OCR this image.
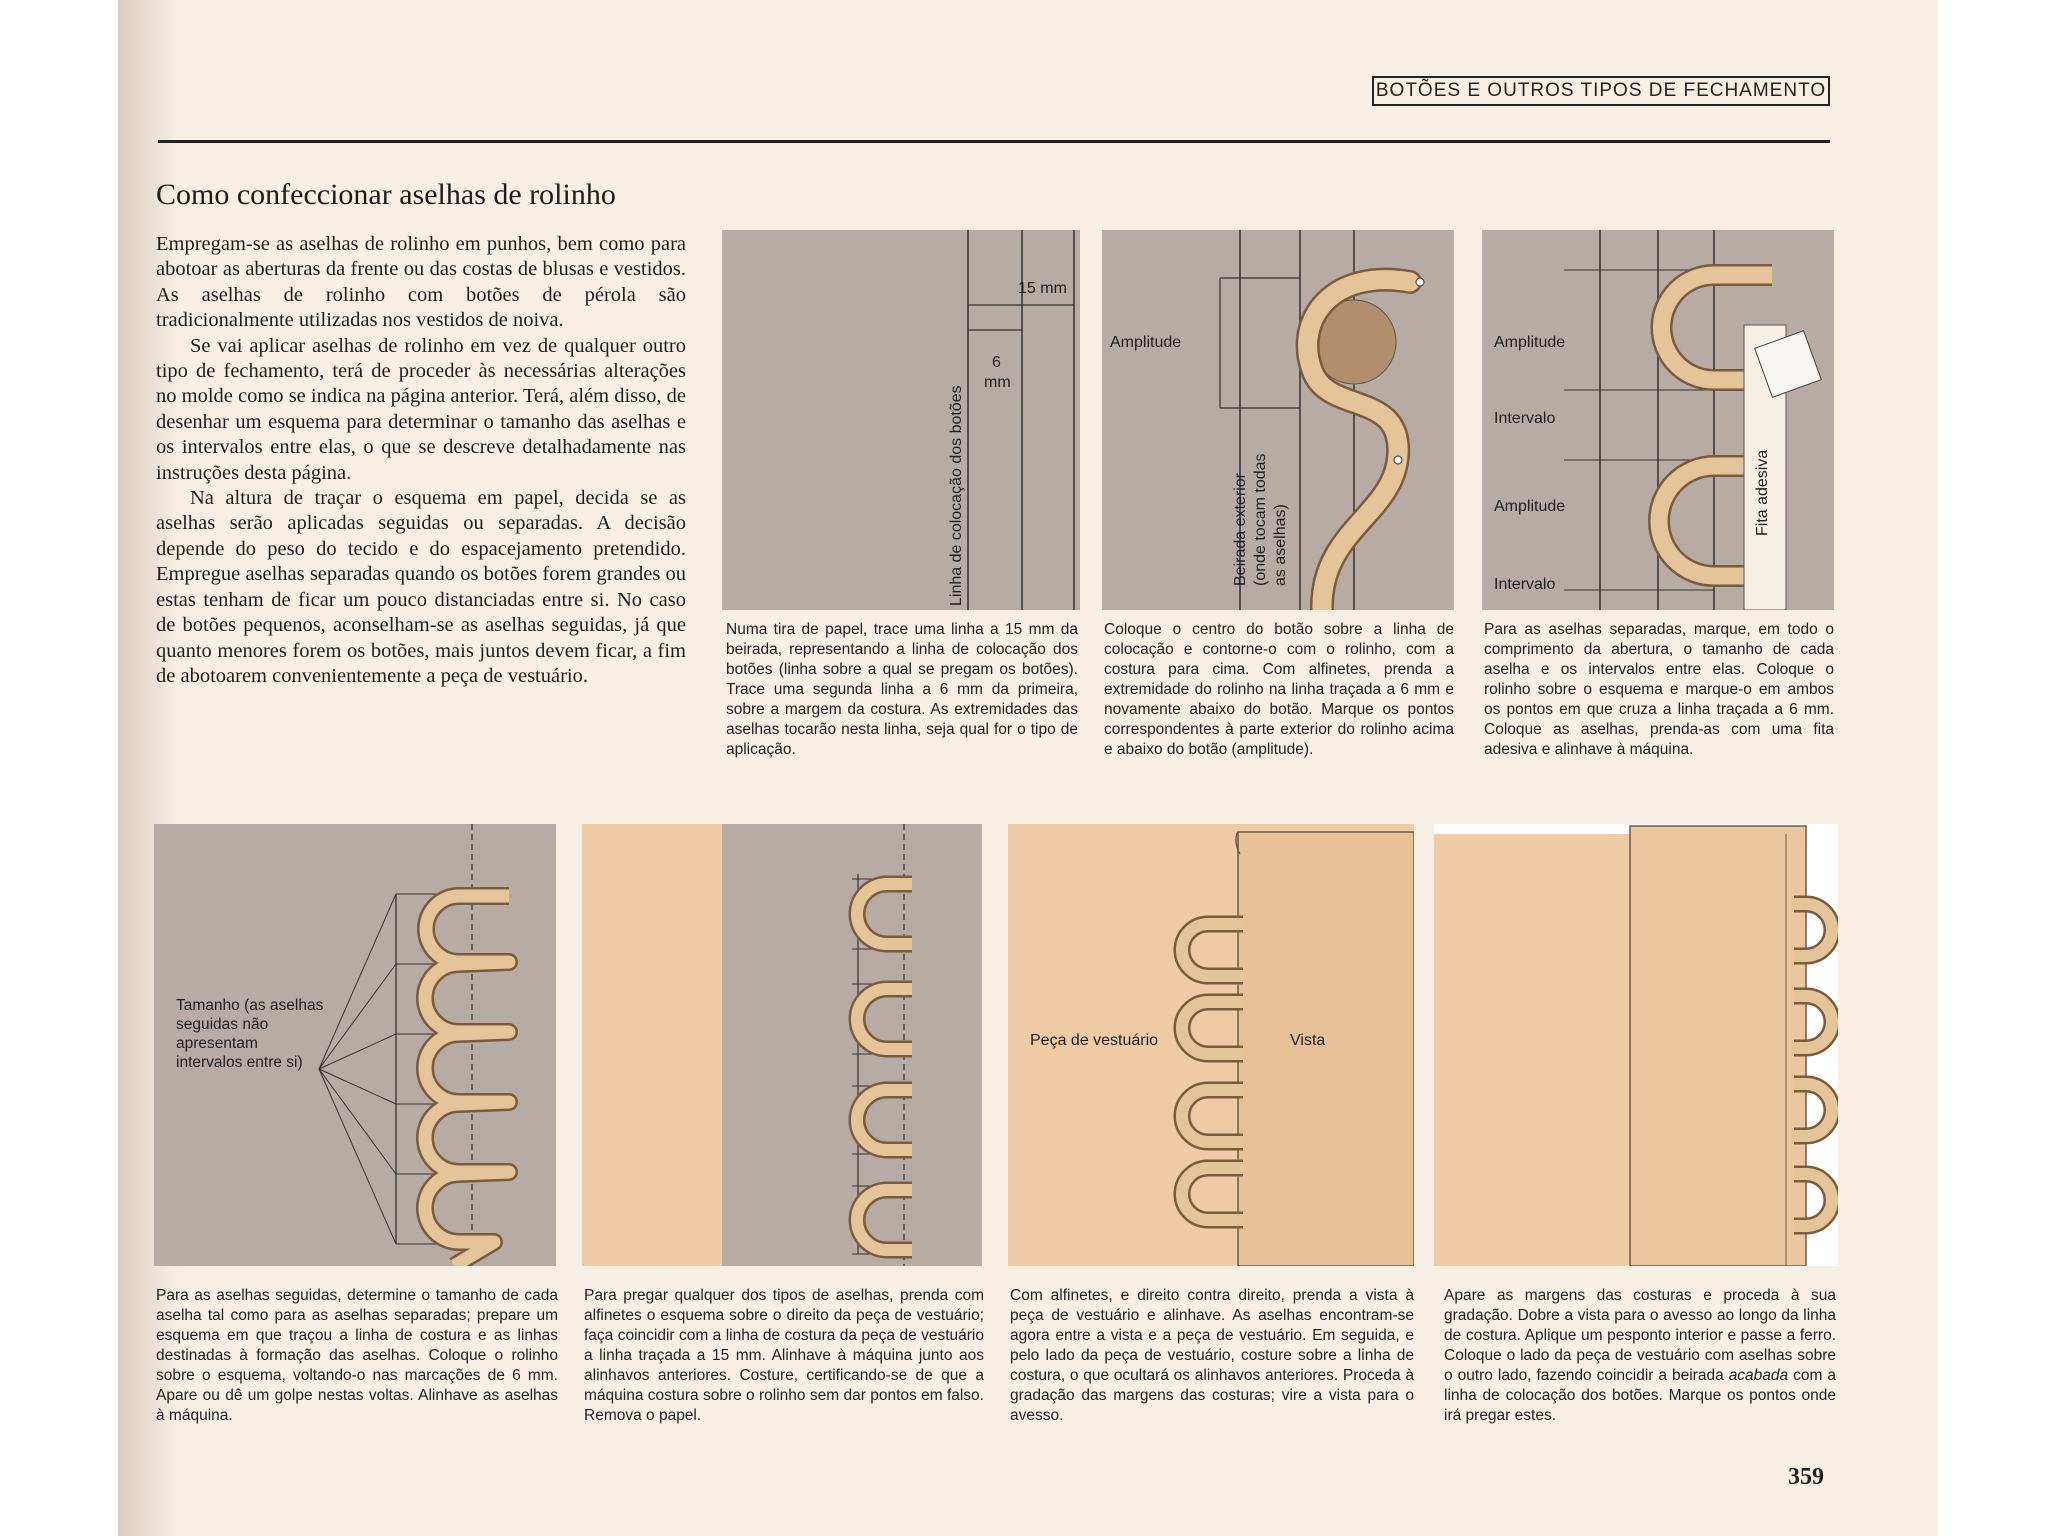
BOTÕES E OUTROS TIPOS DE FECHAMENTO
Como confeccionar aselhas de rolinho

Empregam-se as aselhas de rolinho em punhos, bem como para abotoar as aberturas da frente ou das costas de blusas e vestidos. As aselhas de rolinho com botões de pérola são tradicionalmente utilizadas nos vestidos de noiva.

Se vai aplicar aselhas de rolinho em vez de qualquer outro tipo de fechamento, terá de proceder às necessárias alterações no molde como se indica na página anterior. Terá, além disso, de desenhar um esquema para determinar o tamanho das aselhas e os intervalos entre elas, o que se descreve detalhadamente nas instruções desta página.

Na altura de traçar o esquema em papel, decida se as aselhas serão aplicadas seguidas ou separadas. A decisão depende do peso do tecido e do espacejamento pretendido. Empregue aselhas separadas quando os botões forem grandes ou estas tenham de ficar um pouco distanciadas entre si. No caso de botões pequenos, aconselham-se as aselhas seguidas, já que quanto menores forem os botões, mais juntos devem ficar, a fim de abotoarem convenientemente a peça de vestuário.

15 mm
6
mm
Linha de colocação dos botões
Numa tira de papel, trace uma linha a 15 mm da beirada, representando a linha de colocação dos botões (linha sobre a qual se pregam os botões). Trace uma segunda linha a 6 mm da primeira, sobre a margem da costura. As extremidades das aselhas tocarão nesta linha, seja qual for o tipo de aplicação.
Amplitude
Beirada exterior (onde tocam todas as aselhas)
Coloque o centro do botão sobre a linha de colocação e contorne-o com o rolinho, com a costura para cima. Com alfinetes, prenda a extremidade do rolinho na linha traçada a 6 mm e novamente abaixo do botão. Marque os pontos correspondentes à parte exterior do rolinho acima e abaixo do botão (amplitude).
Amplitude
Intervalo
Amplitude
Intervalo
Fita adesiva
Para as aselhas separadas, marque, em todo o comprimento da abertura, o tamanho de cada aselha e os intervalos entre elas. Coloque o rolinho sobre o esquema e marque-o em ambos os pontos em que cruza a linha traçada a 6 mm. Coloque as aselhas, prenda-as com uma fita adesiva e alinhave à máquina.
Tamanho (as aselhas seguidas não apresentam intervalos entre si)
Para as aselhas seguidas, determine o tamanho de cada aselha tal como para as aselhas separadas; prepare um esquema em que traçou a linha de costura e as linhas destinadas à formação das aselhas. Coloque o rolinho sobre o esquema, voltando-o nas marcações de 6 mm. Apare ou dê um golpe nestas voltas. Alinhave as aselhas à máquina.
Para pregar qualquer dos tipos de aselhas, prenda com alfinetes o esquema sobre o direito da peça de vestuário; faça coincidir com a linha de costura da peça de vestuário a linha traçada a 15 mm. Alinhave à máquina junto aos alinhavos anteriores. Costure, certificando-se de que a máquina costura sobre o rolinho sem dar pontos em falso. Remova o papel.
Peça de vestuário	Vista
Com alfinetes, e direito contra direito, prenda a vista à peça de vestuário e alinhave. As aselhas encontram-se agora entre a vista e a peça de vestuário. Em seguida, e pelo lado da peça de vestuário, costure sobre a linha de costura, o que ocultará os alinhavos anteriores. Proceda à gradação das margens das costuras; vire a vista para o avesso.
Apare as margens das costuras e proceda à sua gradação. Dobre a vista para o avesso ao longo da linha de costura. Aplique um pesponto interior e passe a ferro. Coloque o lado da peça de vestuário com aselhas sobre o outro lado, fazendo coincidir a beirada acabada com a linha de colocação dos botões. Marque os pontos onde irá pregar estes.
359
